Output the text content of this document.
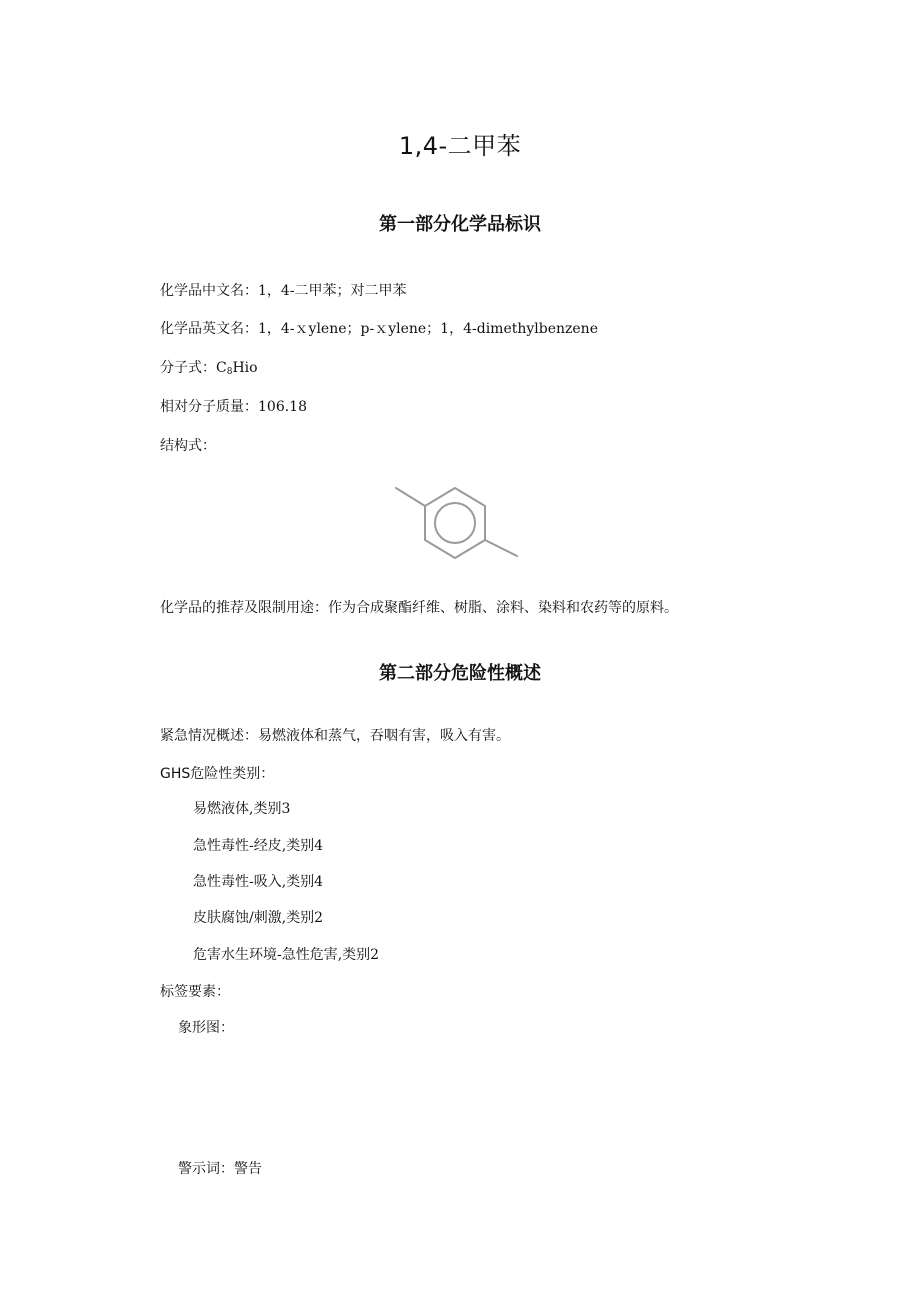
1,4-二甲苯
第一部分化学品标识
化学品中文名：1，4-二甲苯；对二甲苯
化学品英文名：1，4-ｘylene；p-ｘylene；1，4-dimethylbenzene
分子式：$C_8Hio$
相对分子质量：106.18
结构式：
化学品的推荐及限制用途：作为合成聚酯纤维、树脂、涂料、染料和农药等的原料。
第二部分危险性概述
紧急情况概述：易燃液体和蒸气，吞咽有害，吸入有害。
GHS危险性类别：
易燃液体,类别3
急性毒性-经皮,类别4
急性毒性-吸入,类别4
皮肤腐蚀/刺激,类别2
危害水生环境-急性危害,类别2
标签要素：
象形图：
警示词：警告
